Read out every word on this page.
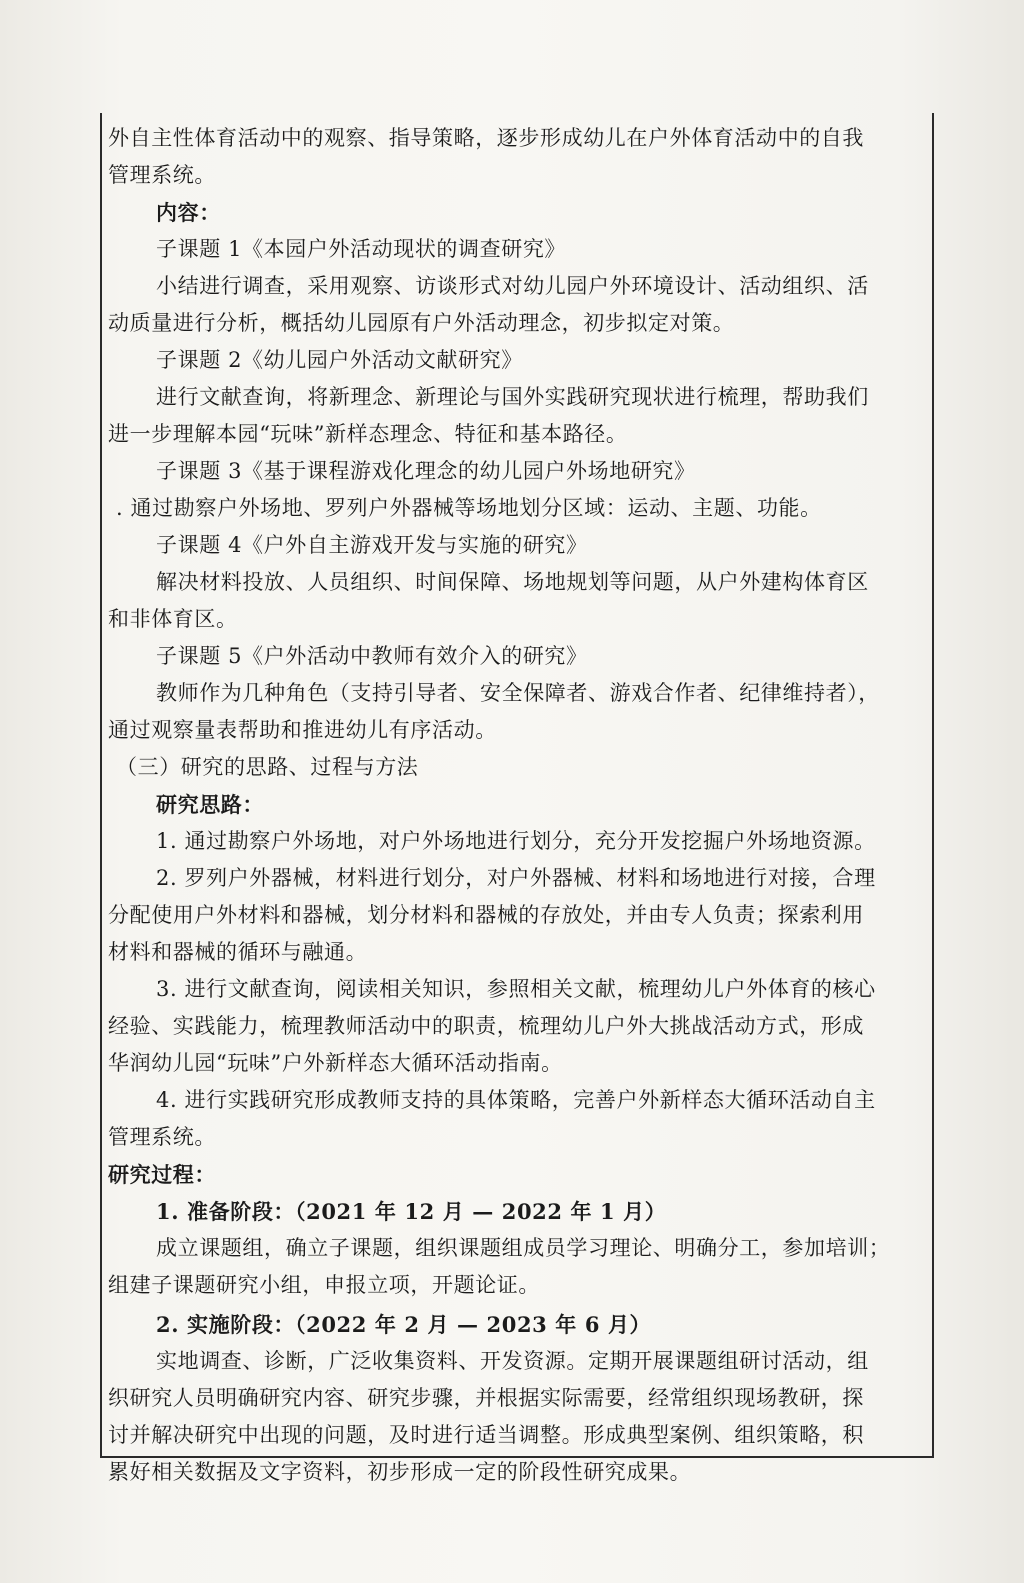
外自主性体育活动中的观察、指导策略，逐步形成幼儿在户外体育活动中的自我
管理系统。
内容：
子课题 1《本园户外活动现状的调查研究》
小结进行调查，采用观察、访谈形式对幼儿园户外环境设计、活动组织、活
动质量进行分析，概括幼儿园原有户外活动理念，初步拟定对策。
子课题 2《幼儿园户外活动文献研究》
进行文献查询，将新理念、新理论与国外实践研究现状进行梳理，帮助我们
进一步理解本园“玩味”新样态理念、特征和基本路径。
子课题 3《基于课程游戏化理念的幼儿园户外场地研究》
. 通过勘察户外场地、罗列户外器械等场地划分区域：运动、主题、功能。
子课题 4《户外自主游戏开发与实施的研究》
解决材料投放、人员组织、时间保障、场地规划等问题，从户外建构体育区
和非体育区。
子课题 5《户外活动中教师有效介入的研究》
教师作为几种角色（支持引导者、安全保障者、游戏合作者、纪律维持者），
通过观察量表帮助和推进幼儿有序活动。
（三）研究的思路、过程与方法
研究思路：
1. 通过勘察户外场地，对户外场地进行划分，充分开发挖掘户外场地资源。
2. 罗列户外器械，材料进行划分，对户外器械、材料和场地进行对接，合理
分配使用户外材料和器械，划分材料和器械的存放处，并由专人负责；探索利用
材料和器械的循环与融通。
3. 进行文献查询，阅读相关知识，参照相关文献，梳理幼儿户外体育的核心
经验、实践能力，梳理教师活动中的职责，梳理幼儿户外大挑战活动方式，形成
华润幼儿园“玩味”户外新样态大循环活动指南。
4. 进行实践研究形成教师支持的具体策略，完善户外新样态大循环活动自主
管理系统。
研究过程：
1. 准备阶段：（2021 年 12 月 — 2022 年 1 月）
成立课题组，确立子课题，组织课题组成员学习理论、明确分工，参加培训；
组建子课题研究小组，申报立项，开题论证。
2. 实施阶段：（2022 年 2 月 — 2023 年 6 月）
实地调查、诊断，广泛收集资料、开发资源。定期开展课题组研讨活动，组
织研究人员明确研究内容、研究步骤，并根据实际需要，经常组织现场教研，探
讨并解决研究中出现的问题，及时进行适当调整。形成典型案例、组织策略，积
累好相关数据及文字资料，初步形成一定的阶段性研究成果。
